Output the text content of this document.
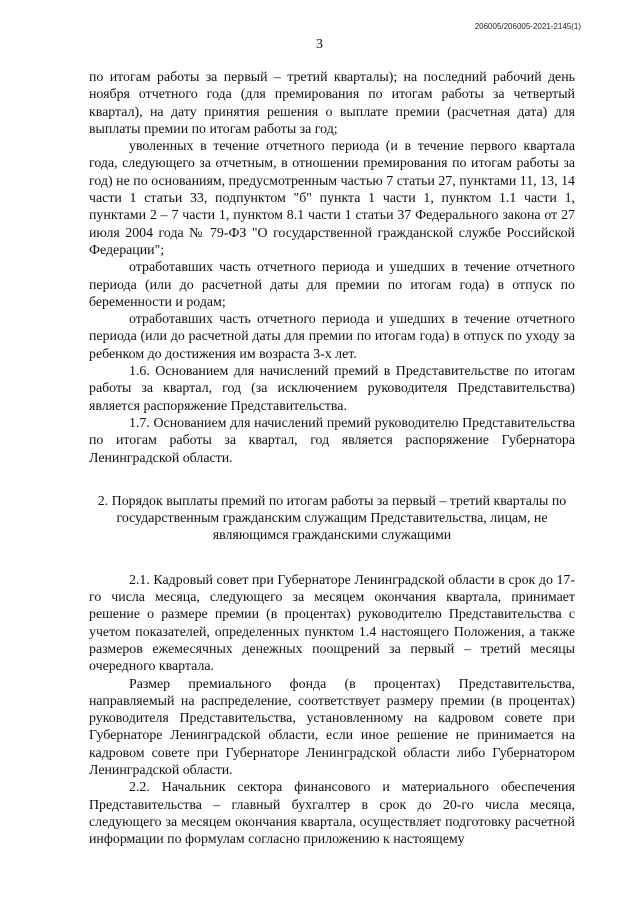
206005/206005-2021-2145(1)
3

по итогам работы за первый – третий кварталы); на последний рабочий день ноября отчетного года (для премирования по итогам работы за четвертый квартал), на дату принятия решения о выплате премии (расчетная дата) для выплаты премии по итогам работы за год;

уволенных в течение отчетного периода (и в течение первого квартала года, следующего за отчетным, в отношении премирования по итогам работы за год) не по основаниям, предусмотренным частью 7 статьи 27, пунктами 11, 13, 14 части 1 статьи 33, подпунктом "б" пункта 1 части 1, пунктом 1.1 части 1, пунктами 2 – 7 части 1, пунктом 8.1 части 1 статьи 37 Федерального закона от 27 июля 2004 года № 79-ФЗ "О государственной гражданской службе Российской Федерации";

отработавших часть отчетного периода и ушедших в течение отчетного периода (или до расчетной даты для премии по итогам года) в отпуск по беременности и родам;

отработавших часть отчетного периода и ушедших в течение отчетного периода (или до расчетной даты для премии по итогам года) в отпуск по уходу за ребенком до достижения им возраста 3-х лет.

1.6. Основанием для начислений премий в Представительстве по итогам работы за квартал, год (за исключением руководителя Представительства) является распоряжение Представительства.

1.7. Основанием для начислений премий руководителю Представительства по итогам работы за квартал, год является распоряжение Губернатора Ленинградской области.

2. Порядок выплаты премий по итогам работы за первый – третий кварталы по государственным гражданским служащим Представительства, лицам, не являющимся гражданскими служащими

2.1. Кадровый совет при Губернаторе Ленинградской области в срок до 17-го числа месяца, следующего за месяцем окончания квартала, принимает решение о размере премии (в процентах) руководителю Представительства с учетом показателей, определенных пунктом 1.4 настоящего Положения, а также размеров ежемесячных денежных поощрений за первый – третий месяцы очередного квартала.

Размер премиального фонда (в процентах) Представительства, направляемый на распределение, соответствует размеру премии (в процентах) руководителя Представительства, установленному на кадровом совете при Губернаторе Ленинградской области, если иное решение не принимается на кадровом совете при Губернаторе Ленинградской области либо Губернатором Ленинградской области.

2.2. Начальник сектора финансового и материального обеспечения Представительства – главный бухгалтер в срок до 20-го числа месяца, следующего за месяцем окончания квартала, осуществляет подготовку расчетной информации по формулам согласно приложению к настоящему
